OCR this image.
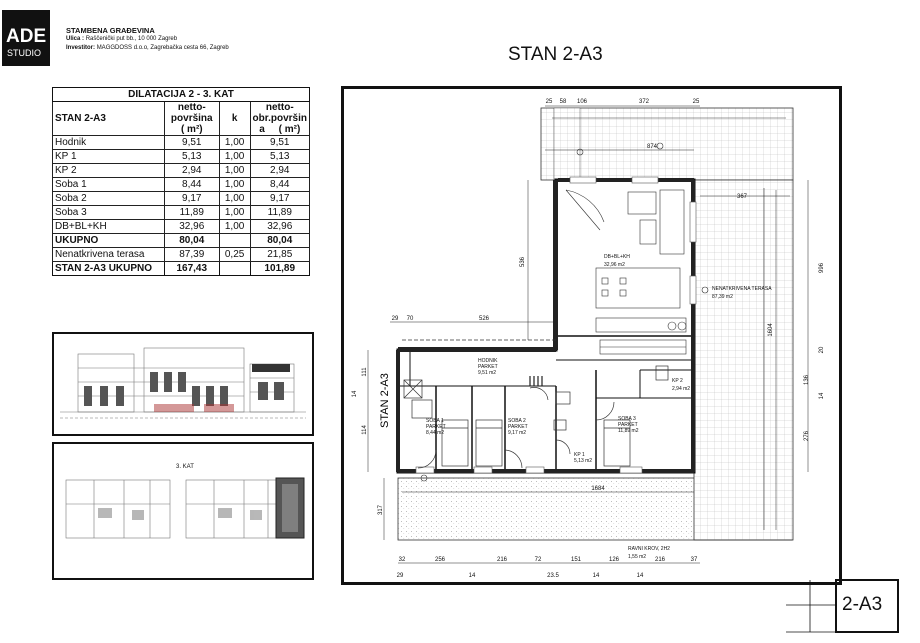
ADE
STUDIO
STAMBENA GRAĐEVINA
Ulica : Raščenički put bb., 10 000 Zagreb
Investitor: MAGGDOSS d.o.o, Zagrebačka cesta 66, Zagreb	STAN 2-A3
DILATACIJA 2 - 3. KAT			
STAN 2-A3	netto-
površina
( m²)	k	netto-
obr.površin
a ( m²)
Hodnik	9,51	1,00	9,51
KP 1	5,13	1,00	5,13
KP 2	2,94	1,00	2,94
Soba 1	8,44	1,00	8,44
Soba 2	9,17	1,00	9,17
Soba 3	11,89	1,00	11,89
DB+BL+KH	32,96	1,00	32,96
UKUPNO	80,04		80,04
Nenatkrivena terasa	87,39	0,25	21,85
STAN 2-A3 UKUPNO	167,43		101,89
3. KAT
DB+BL+KH
32,96 m2
NENATKRIVENA TERASA
87,39 m2
HODNIK
PARKET
9,51 m2
SOBA 1
PARKET
8,44 m2
SOBA 2
PARKET
9,17 m2
SOBA 3
PARKET
11,89 m2
KP 1
5,13 m2
KP 2
2,94 m2
RAVNI KROV, 2H2
1,55 m2
STAN 2-A3
25 58 106	372	25
874
367
29 70	526
1684
536
996
1604
20
136
14
276
111
14
114
317
32	256	216	72	151	126	216	37
29	14	23.5	14	14
2-A3
